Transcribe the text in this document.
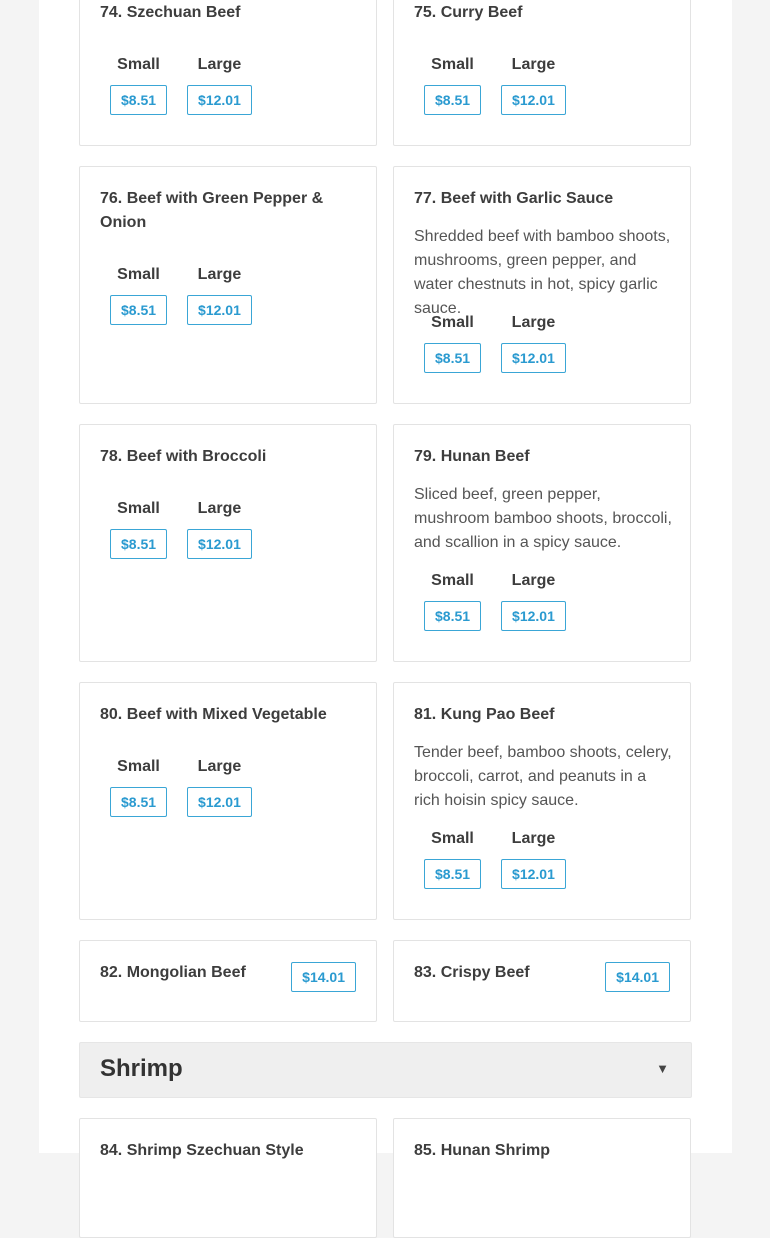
74. Szechuan Beef
Small
$8.51
Large
$12.01
75. Curry Beef
Small
$8.51
Large
$12.01
76. Beef with Green Pepper & Onion
Small
$8.51
Large
$12.01
77. Beef with Garlic Sauce
Shredded beef with bamboo shoots, mushrooms, green pepper, and water chestnuts in hot, spicy garlic sauce.
Small
$8.51
Large
$12.01
78. Beef with Broccoli
Small
$8.51
Large
$12.01
79. Hunan Beef
Sliced beef, green pepper, mushroom bamboo shoots, broccoli, and scallion in a spicy sauce.
Small
$8.51
Large
$12.01
80. Beef with Mixed Vegetable
Small
$8.51
Large
$12.01
81. Kung Pao Beef
Tender beef, bamboo shoots, celery, broccoli, carrot, and peanuts in a rich hoisin spicy sauce.
Small
$8.51
Large
$12.01
82. Mongolian Beef	$14.01	83. Crispy Beef	$14.01
Shrimp	▼
84. Shrimp Szechuan Style	85. Hunan Shrimp
